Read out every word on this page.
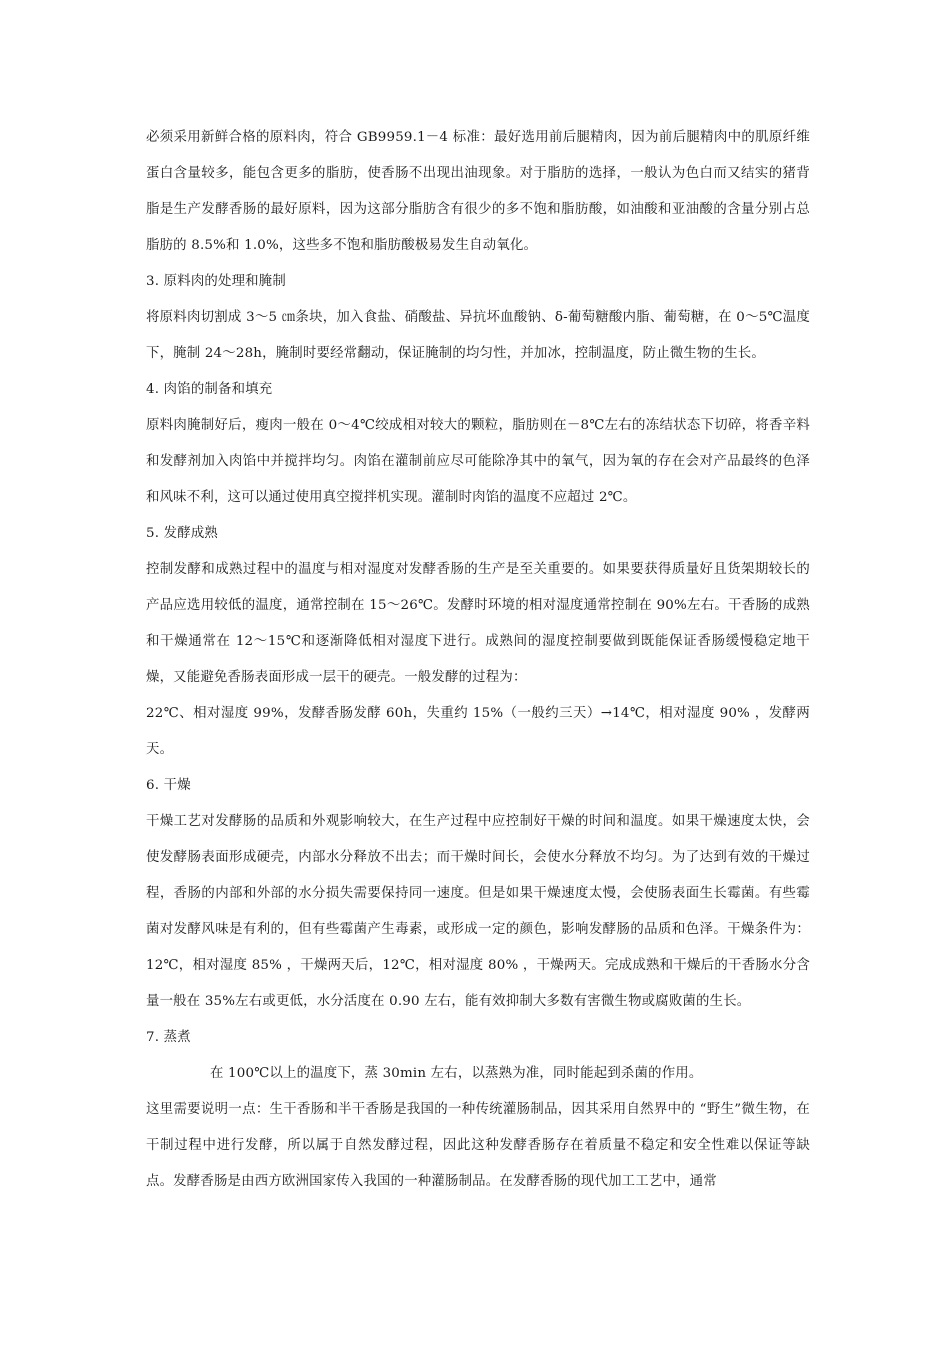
必须采用新鲜合格的原料肉，符合 GB9959.1－4 标准：最好选用前后腿精肉，因为前后腿精肉中的肌原纤维蛋白含量较多，能包含更多的脂肪，使香肠不出现出油现象。对于脂肪的选择，一般认为色白而又结实的猪背脂是生产发酵香肠的最好原料，因为这部分脂肪含有很少的多不饱和脂肪酸，如油酸和亚油酸的含量分别占总脂肪的 8.5%和 1.0%，这些多不饱和脂肪酸极易发生自动氧化。

3. 原料肉的处理和腌制

将原料肉切割成 3～5 ㎝条块，加入食盐、硝酸盐、异抗坏血酸钠、δ-葡萄糖酸内脂、葡萄糖，在 0～5℃温度下，腌制 24～28h，腌制时要经常翻动，保证腌制的均匀性，并加冰，控制温度，防止微生物的生长。

4. 肉馅的制备和填充

原料肉腌制好后，瘦肉一般在 0～4℃绞成相对较大的颗粒，脂肪则在－8℃左右的冻结状态下切碎，将香辛料和发酵剂加入肉馅中并搅拌均匀。肉馅在灌制前应尽可能除净其中的氧气，因为氧的存在会对产品最终的色泽和风味不利，这可以通过使用真空搅拌机实现。灌制时肉馅的温度不应超过 2℃。

5. 发酵成熟

控制发酵和成熟过程中的温度与相对湿度对发酵香肠的生产是至关重要的。如果要获得质量好且货架期较长的产品应选用较低的温度，通常控制在 15～26℃。发酵时环境的相对湿度通常控制在 90%左右。干香肠的成熟和干燥通常在 12～15℃和逐渐降低相对湿度下进行。成熟间的湿度控制要做到既能保证香肠缓慢稳定地干燥，又能避免香肠表面形成一层干的硬壳。一般发酵的过程为：

22℃、相对湿度 99%，发酵香肠发酵 60h，失重约 15%（一般约三天）→14℃，相对湿度 90% ，发酵两天。

6. 干燥

干燥工艺对发酵肠的品质和外观影响较大，在生产过程中应控制好干燥的时间和温度。如果干燥速度太快，会使发酵肠表面形成硬壳，内部水分释放不出去；而干燥时间长，会使水分释放不均匀。为了达到有效的干燥过程，香肠的内部和外部的水分损失需要保持同一速度。但是如果干燥速度太慢，会使肠表面生长霉菌。有些霉菌对发酵风味是有利的，但有些霉菌产生毒素，或形成一定的颜色，影响发酵肠的品质和色泽。干燥条件为：12℃，相对湿度 85% ，干燥两天后，12℃，相对湿度 80% ，干燥两天。完成成熟和干燥后的干香肠水分含量一般在 35%左右或更低，水分活度在 0.90 左右，能有效抑制大多数有害微生物或腐败菌的生长。

7. 蒸煮

在 100℃以上的温度下，蒸 30min 左右，以蒸熟为准，同时能起到杀菌的作用。

这里需要说明一点：生干香肠和半干香肠是我国的一种传统灌肠制品，因其采用自然界中的 “野生”微生物，在干制过程中进行发酵，所以属于自然发酵过程，因此这种发酵香肠存在着质量不稳定和安全性难以保证等缺点。发酵香肠是由西方欧洲国家传入我国的一种灌肠制品。在发酵香肠的现代加工工艺中，通常
